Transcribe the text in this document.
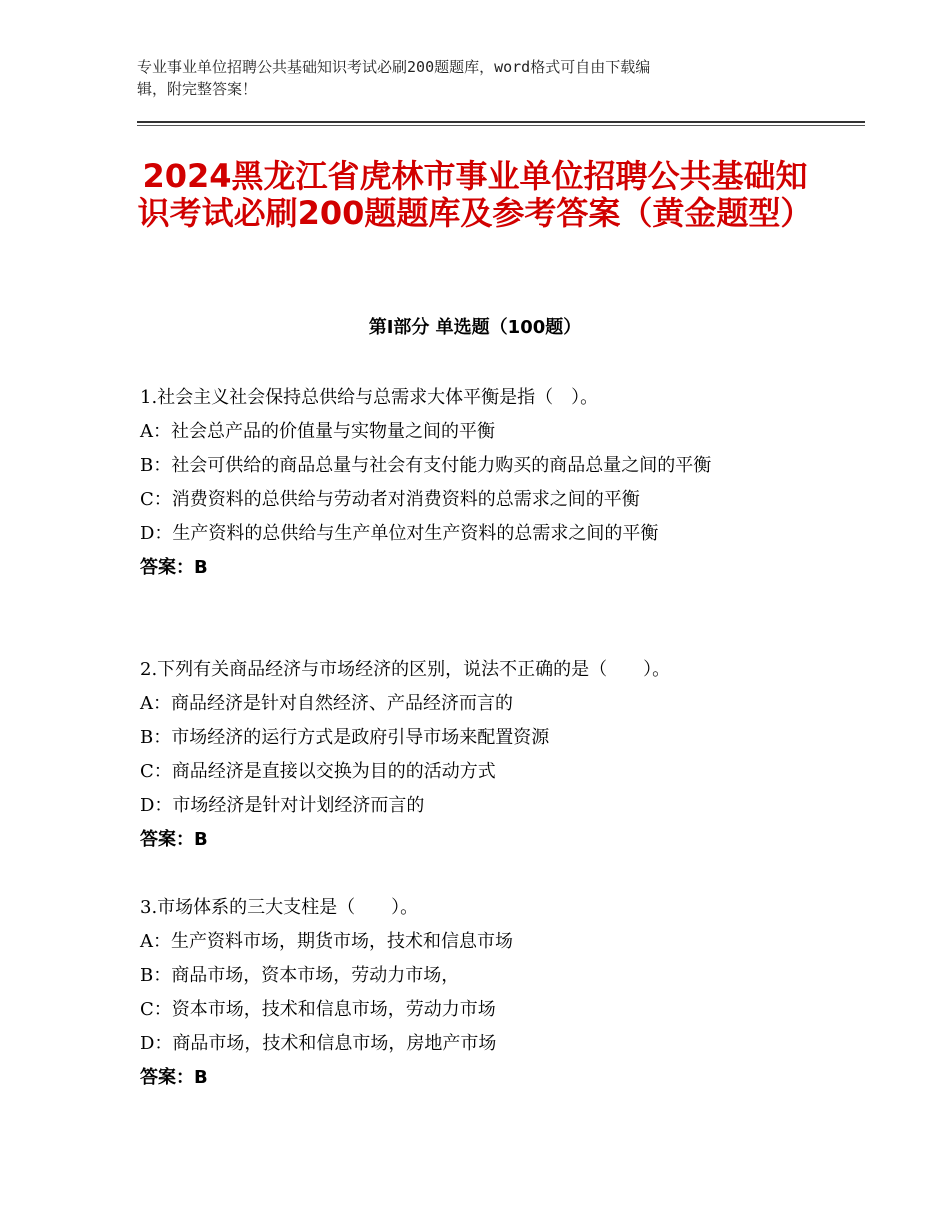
专业事业单位招聘公共基础知识考试必刷200题题库，word格式可自由下载编
辑，附完整答案！
2024黑龙江省虎林市事业单位招聘公共基础知识考试必刷200题题库及参考答案（黄金题型）
第Ⅰ部分 单选题（100题）
1.社会主义社会保持总供给与总需求大体平衡是指（　）。
A：社会总产品的价值量与实物量之间的平衡
B：社会可供给的商品总量与社会有支付能力购买的商品总量之间的平衡
C：消费资料的总供给与劳动者对消费资料的总需求之间的平衡
D：生产资料的总供给与生产单位对生产资料的总需求之间的平衡
答案：B
2.下列有关商品经济与市场经济的区别，说法不正确的是（　　）。
A：商品经济是针对自然经济、产品经济而言的
B：市场经济的运行方式是政府引导市场来配置资源
C：商品经济是直接以交换为目的的活动方式
D：市场经济是针对计划经济而言的
答案：B
3.市场体系的三大支柱是（　　）。
A：生产资料市场，期货市场，技术和信息市场
B：商品市场，资本市场，劳动力市场，
C：资本市场，技术和信息市场，劳动力市场
D：商品市场，技术和信息市场，房地产市场
答案：B
